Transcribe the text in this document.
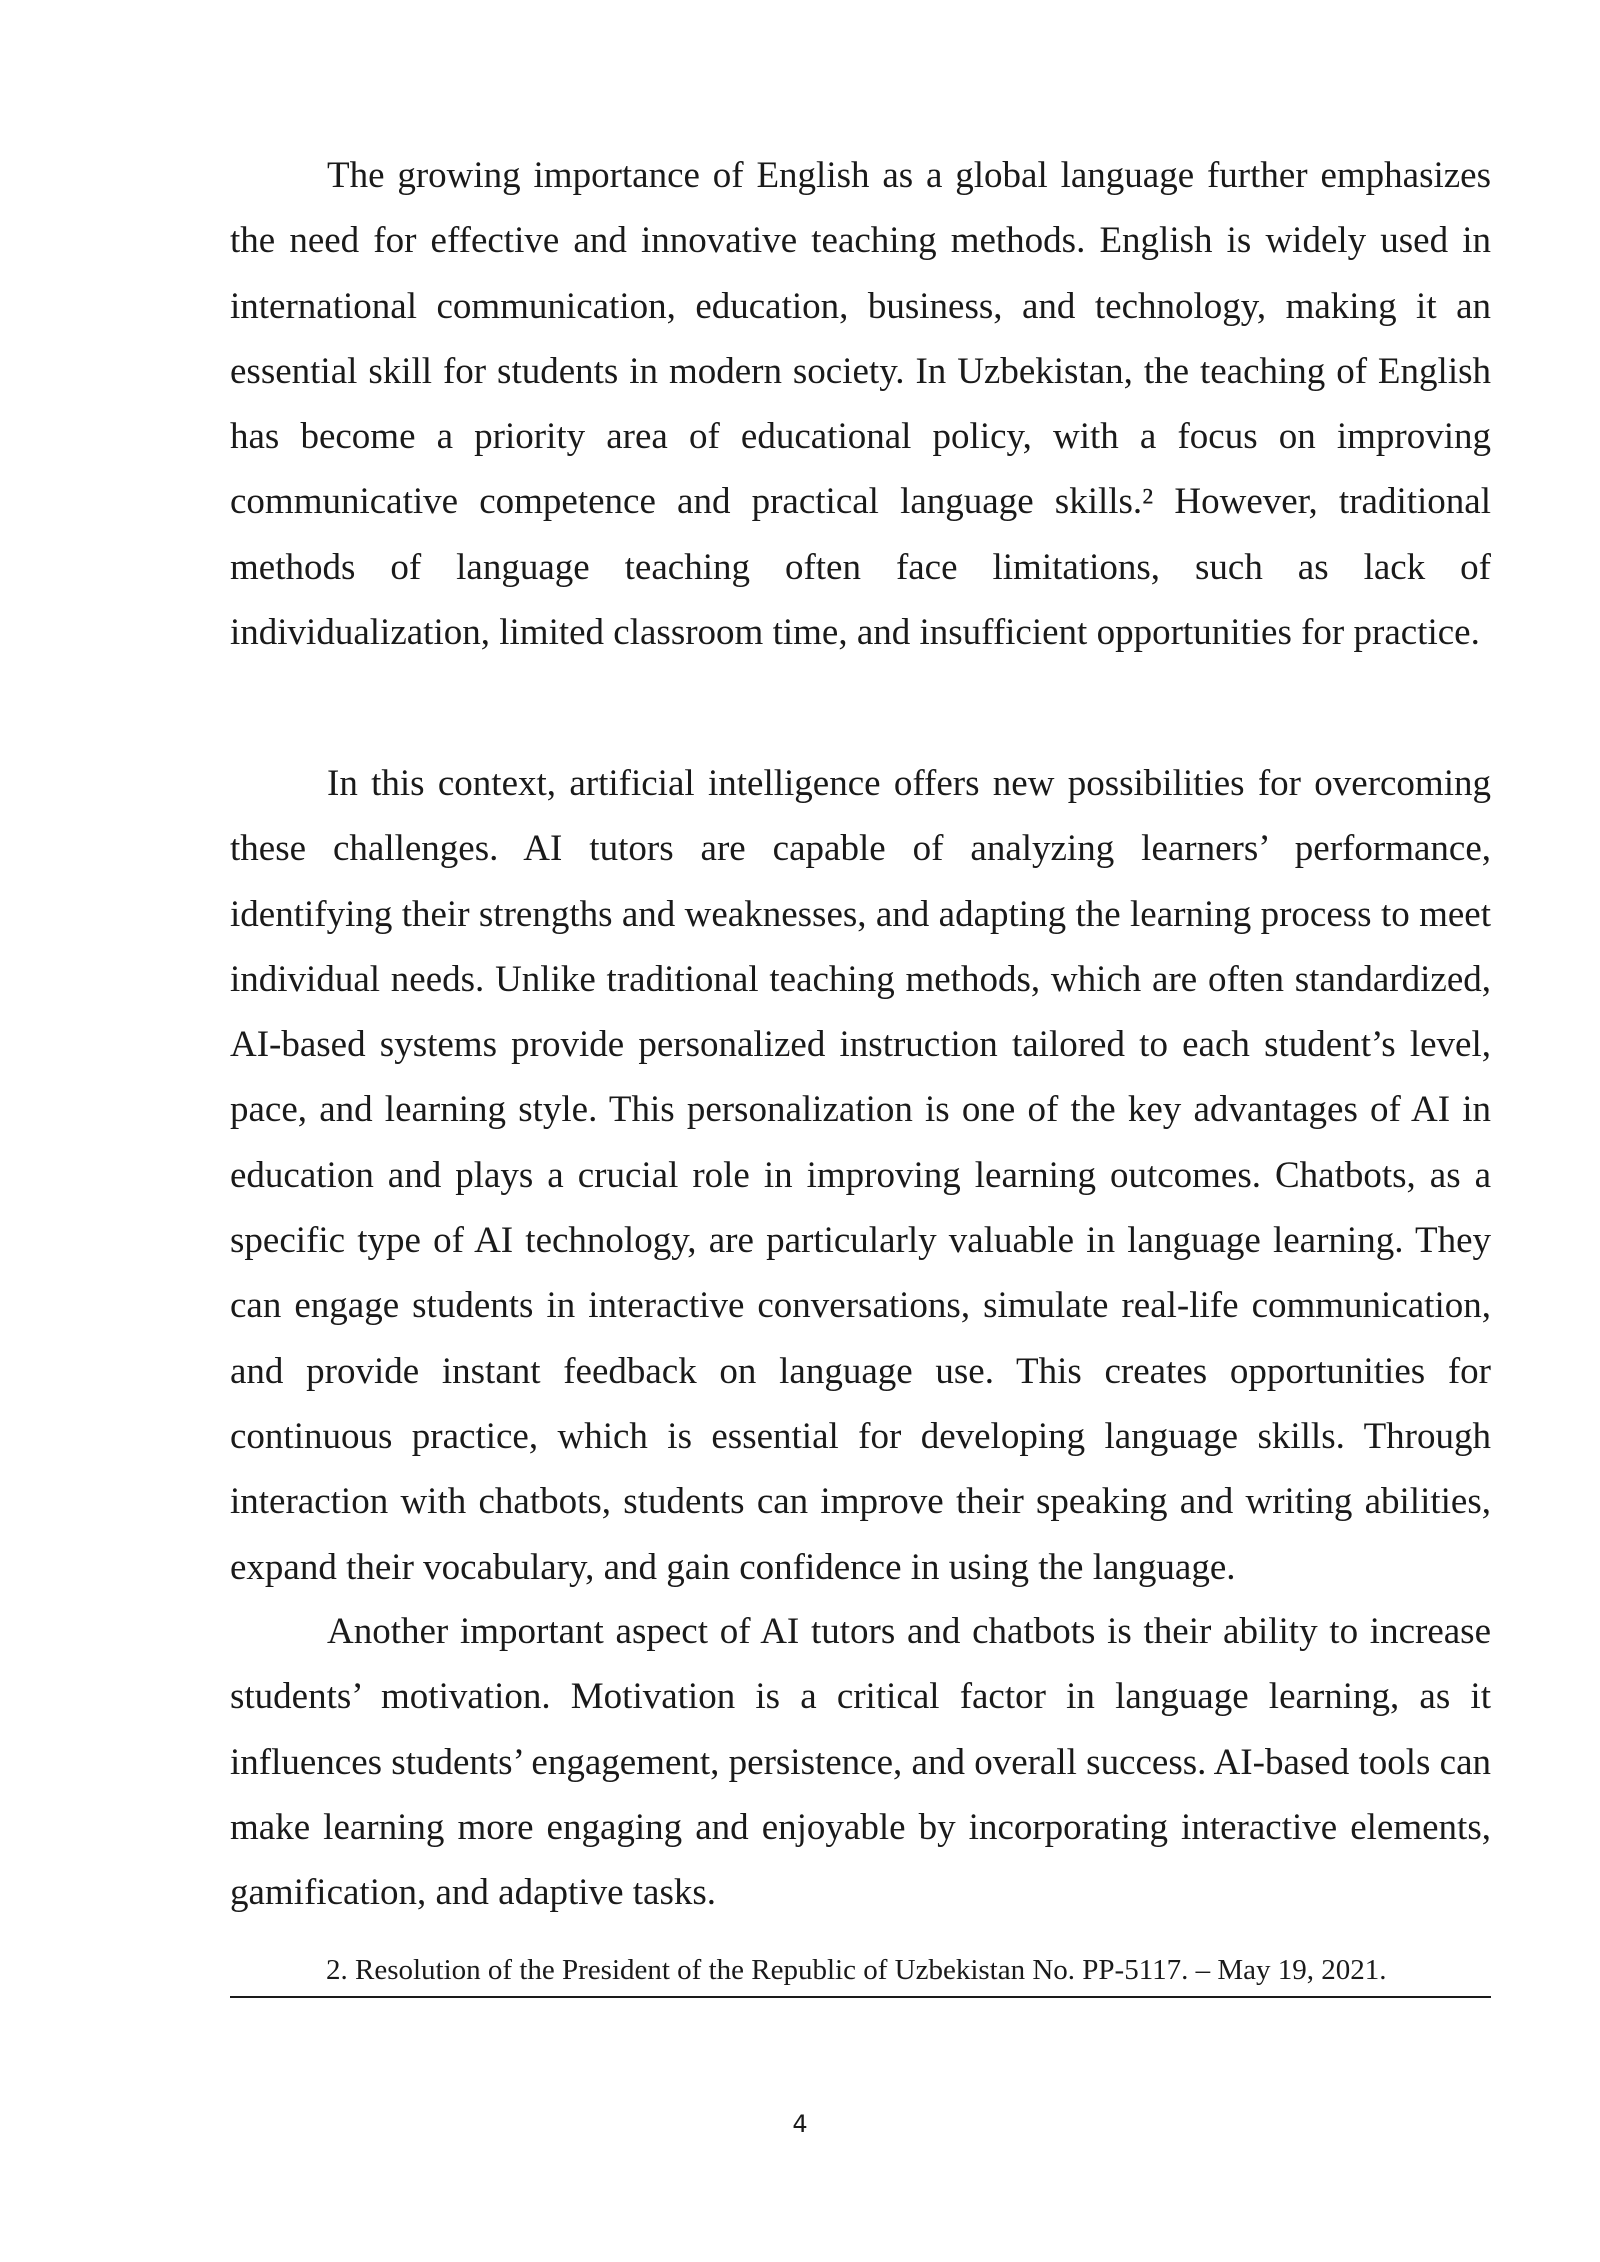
The growing importance of English as a global language further emphasizes the need for effective and innovative teaching methods. English is widely used in international communication, education, business, and technology, making it an essential skill for students in modern society. In Uzbekistan, the teaching of English has become a priority area of educational policy, with a focus on improving communicative competence and practical language skills.² However, traditional methods of language teaching often face limitations, such as lack of individualization, limited classroom time, and insufficient opportunities for practice.

In this context, artificial intelligence offers new possibilities for overcoming these challenges. AI tutors are capable of analyzing learners’ performance, identifying their strengths and weaknesses, and adapting the learning process to meet individual needs. Unlike traditional teaching methods, which are often standardized, AI-based systems provide personalized instruction tailored to each student’s level, pace, and learning style. This personalization is one of the key advantages of AI in education and plays a crucial role in improving learning outcomes. Chatbots, as a specific type of AI technology, are particularly valuable in language learning. They can engage students in interactive conversations, simulate real-life communication, and provide instant feedback on language use. This creates opportunities for continuous practice, which is essential for developing language skills. Through interaction with chatbots, students can improve their speaking and writing abilities, expand their vocabulary, and gain confidence in using the language.

Another important aspect of AI tutors and chatbots is their ability to increase students’ motivation. Motivation is a critical factor in language learning, as it influences students’ engagement, persistence, and overall success. AI-based tools can make learning more engaging and enjoyable by incorporating interactive elements, gamification, and adaptive tasks.

2. Resolution of the President of the Republic of Uzbekistan No. PP-5117. – May 19, 2021.

4
